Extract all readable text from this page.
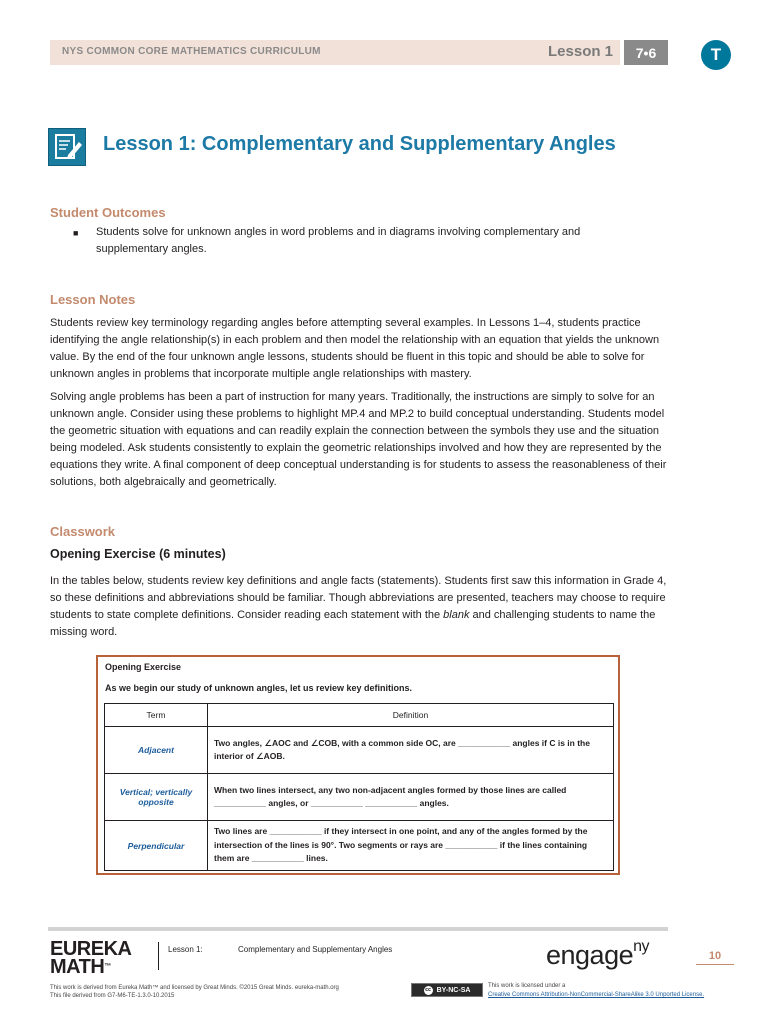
NYS COMMON CORE MATHEMATICS CURRICULUM	Lesson 1	7•6	T
Lesson 1: Complementary and Supplementary Angles
Student Outcomes
■ Students solve for unknown angles in word problems and in diagrams involving complementary and supplementary angles.
Lesson Notes
Students review key terminology regarding angles before attempting several examples. In Lessons 1–4, students practice identifying the angle relationship(s) in each problem and then model the relationship with an equation that yields the unknown value. By the end of the four unknown angle lessons, students should be fluent in this topic and should be able to solve for unknown angles in problems that incorporate multiple angle relationships with mastery.
Solving angle problems has been a part of instruction for many years. Traditionally, the instructions are simply to solve for an unknown angle. Consider using these problems to highlight MP.4 and MP.2 to build conceptual understanding. Students model the geometric situation with equations and can readily explain the connection between the symbols they use and the situation being modeled. Ask students consistently to explain the geometric relationships involved and how they are represented by the equations they write. A final component of deep conceptual understanding is for students to assess the reasonableness of their solutions, both algebraically and geometrically.
Classwork
Opening Exercise (6 minutes)
In the tables below, students review key definitions and angle facts (statements). Students first saw this information in Grade 4, so these definitions and abbreviations should be familiar. Though abbreviations are presented, teachers may choose to require students to state complete definitions. Consider reading each statement with the blank and challenging students to name the missing word.
Opening Exercise
As we begin our study of unknown angles, let us review key definitions.
Term	Definition
Adjacent	Two angles, ∠AOC and ∠COB, with a common side OC, are ___________ angles if C is in the interior of ∠AOB.
Vertical; vertically opposite	When two lines intersect, any two non-adjacent angles formed by those lines are called ___________ angles, or ___________ ___________ angles.
Perpendicular	Two lines are ___________ if they intersect in one point, and any of the angles formed by the intersection of the lines is 90°. Two segments or rays are ___________ if the lines containing them are ___________ lines.
EUREKA
MATH™
Lesson 1:	Complementary and Supplementary Angles	engage$^{ny}$
10
This work is derived from Eureka Math™ and licensed by Great Minds. ©2015 Great Minds. eureka-math.org
This file derived from G7-M6-TE-1.3.0-10.2015
cc BY-NC-SA
This work is licensed under a
Creative Commons Attribution-NonCommercial-ShareAlike 3.0 Unported License.
